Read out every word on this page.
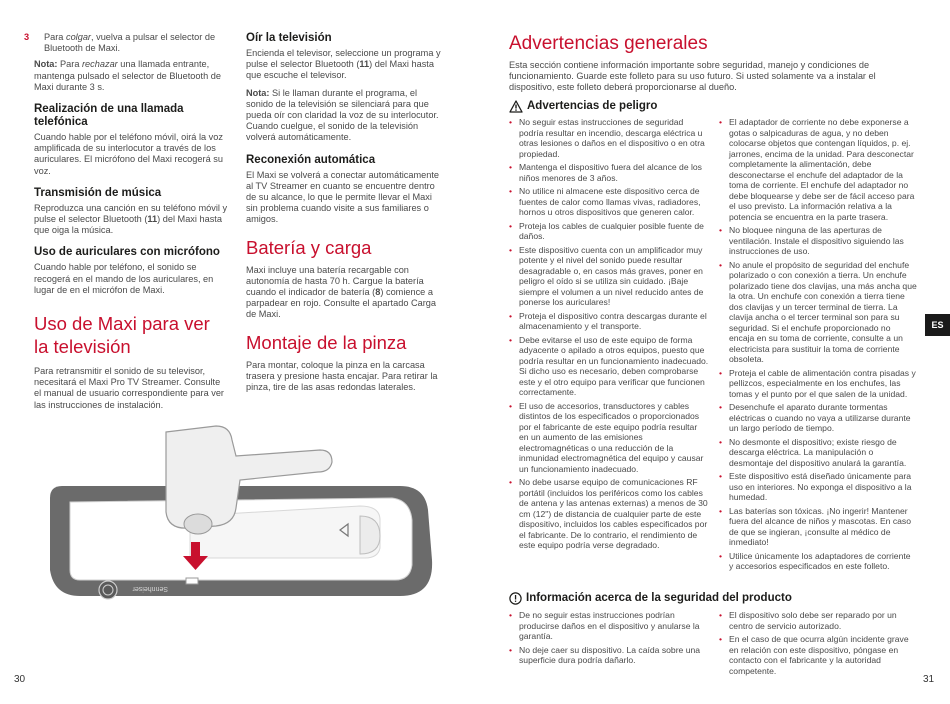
3 Para colgar, vuelva a pulsar el selector de Bluetooth de Maxi.

Nota: Para rechazar una llamada entrante, mantenga pulsado el selector de Bluetooth de Maxi durante 3 s.

Realización de una llamada telefónica

Cuando hable por el teléfono móvil, oirá la voz amplificada de su interlocutor a través de los auriculares. El micrófono del Maxi recogerá su voz.

Transmisión de música

Reproduzca una canción en su teléfono móvil y pulse el selector Bluetooth (11) del Maxi hasta que oiga la música.

Uso de auriculares con micrófono

Cuando hable por teléfono, el sonido se recogerá en el mando de los auriculares, en lugar de en el micrófon de Maxi.

Uso de Maxi para ver la televisión

Para retransmitir el sonido de su televisor, necesitará el Maxi Pro TV Streamer. Consulte el manual de usuario correspondiente para ver las instrucciones de instalación.

Oír la televisión

Encienda el televisor, seleccione un programa y pulse el selector Bluetooth (11) del Maxi hasta que escuche el televisor.

Nota: Si le llaman durante el programa, el sonido de la televisión se silenciará para que pueda oír con claridad la voz de su interlocutor. Cuando cuelgue, el sonido de la televisión volverá automáticamente.

Reconexión automática

El Maxi se volverá a conectar automáticamente al TV Streamer en cuanto se encuentre dentro de su alcance, lo que le permite llevar el Maxi sin problema cuando visite a sus familiares o amigos.

Batería y carga

Maxi incluye una batería recargable con autonomía de hasta 70 h. Cargue la batería cuando el indicador de batería (8) comience a parpadear en rojo. Consulte el apartado Carga de Maxi.

Montaje de la pinza

Para montar, coloque la pinza en la carcasa trasera y presione hasta encajar. Para retirar la pinza, tire de las asas redondas laterales.

Sennheiser
30
Advertencias generales

Esta sección contiene información importante sobre seguridad, manejo y condiciones de funcionamiento. Guarde este folleto para su uso futuro. Si usted solamente va a instalar el dispositivo, este folleto deberá proporcionarse al dueño.

Advertencias de peligro
• No seguir estas instrucciones de seguridad podría resultar en incendio, descarga eléctrica u otras lesiones o daños en el dispositivo o en otra propiedad.
• Mantenga el dispositivo fuera del alcance de los niños menores de 3 años.
• No utilice ni almacene este dispositivo cerca de fuentes de calor como llamas vivas, radiadores, hornos u otros dispositivos que generen calor.
• Proteja los cables de cualquier posible fuente de daños.
• Este dispositivo cuenta con un amplificador muy potente y el nivel del sonido puede resultar desagradable o, en casos más graves, poner en peligro el oído si se utiliza sin cuidado. ¡Baje siempre el volumen a un nivel reducido antes de ponerse los auriculares!
• Proteja el dispositivo contra descargas durante el almacenamiento y el transporte.
• Debe evitarse el uso de este equipo de forma adyacente o apilado a otros equipos, puesto que podría resultar en un funcionamiento inadecuado. Si dicho uso es necesario, deben comprobarse este y el otro equipo para verificar que funcionen correctamente.
• El uso de accesorios, transductores y cables distintos de los especificados o proporcionados por el fabricante de este equipo podría resultar en un aumento de las emisiones electromagnéticas o una reducción de la inmunidad electromagnética del equipo y causar un funcionamiento inadecuado.
• No debe usarse equipo de comunicaciones RF portátil (incluidos los periféricos como los cables de antena y las antenas externas) a menos de 30 cm (12") de distancia de cualquier parte de este dispositivo, incluidos los cables especificados por el fabricante. De lo contrario, el rendimiento de este equipo podría verse degradado.
• El adaptador de corriente no debe exponerse a gotas o salpicaduras de agua, y no deben colocarse objetos que contengan líquidos, p. ej. jarrones, encima de la unidad. Para desconectar completamente la alimentación, debe desconectarse el enchufe del adaptador de la toma de corriente. El enchufe del adaptador no debe bloquearse y debe ser de fácil acceso para el uso previsto. La información relativa a la potencia se encuentra en la parte trasera.
• No bloquee ninguna de las aperturas de ventilación. Instale el dispositivo siguiendo las instrucciones de uso.
• No anule el propósito de seguridad del enchufe polarizado o con conexión a tierra. Un enchufe polarizado tiene dos clavijas, una más ancha que la otra. Un enchufe con conexión a tierra tiene dos clavijas y un tercer terminal de tierra. La clavija ancha o el tercer terminal son para su seguridad. Si el enchufe proporcionado no encaja en su toma de corriente, consulte a un electricista para sustituir la toma de corriente obsoleta.
• Proteja el cable de alimentación contra pisadas y pellizcos, especialmente en los enchufes, las tomas y el punto por el que salen de la unidad.
• Desenchufe el aparato durante tormentas eléctricas o cuando no vaya a utilizarse durante un largo período de tiempo.
• No desmonte el dispositivo; existe riesgo de descarga eléctrica. La manipulación o desmontaje del dispositivo anulará la garantía.
• Este dispositivo está diseñado únicamente para uso en interiores. No exponga el dispositivo a la humedad.
• Las baterías son tóxicas. ¡No ingerir! Mantener fuera del alcance de niños y mascotas. En caso de que se ingieran, ¡consulte al médico de inmediato!
• Utilice únicamente los adaptadores de corriente y accesorios especificados en este folleto.
Información acerca de la seguridad del producto
• De no seguir estas instrucciones podrían producirse daños en el dispositivo y anularse la garantía.
• No deje caer su dispositivo. La caída sobre una superficie dura podría dañarlo.
• El dispositivo solo debe ser reparado por un centro de servicio autorizado.
• En el caso de que ocurra algún incidente grave en relación con este dispositivo, póngase en contacto con el fabricante y la autoridad competente.
ES
31
